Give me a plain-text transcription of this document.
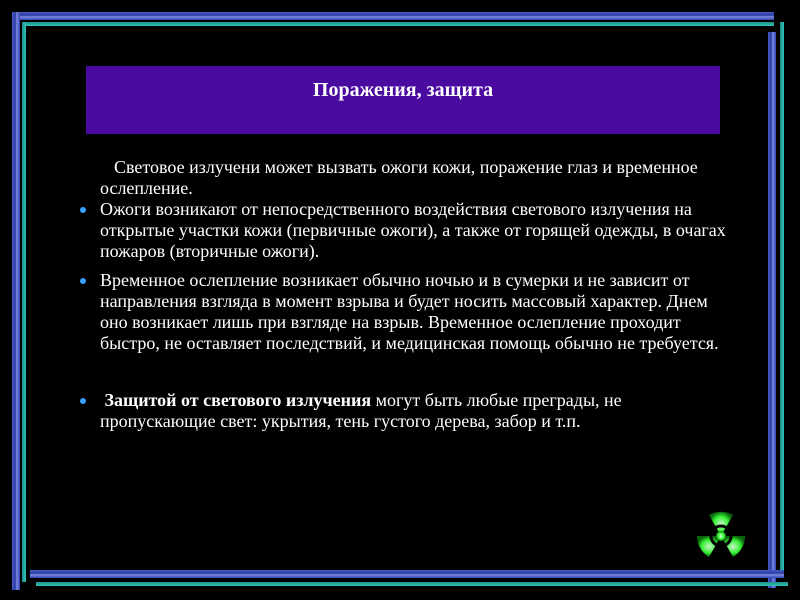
Поражения, защита

Световое излучени может вызвать ожоги кожи, поражение глаз и временное ослепление.

Ожоги возникают от непосредственного воздействия светового излучения на открытые участки кожи (первичные ожоги), а также от горящей одежды, в очагах пожаров (вторичные ожоги).
Временное ослепление возникает обычно ночью и в сумерки и не зависит от направления взгляда в момент взрыва и будет носить массовый характер. Днем оно возникает лишь при взгляде на взрыв. Временное ослепление проходит быстро, не оставляет последствий, и медицинская помощь обычно не требуется.
Защитой от светового излучения могут быть любые преграды, не пропускающие свет: укрытия, тень густого дерева, забор и т.п.
